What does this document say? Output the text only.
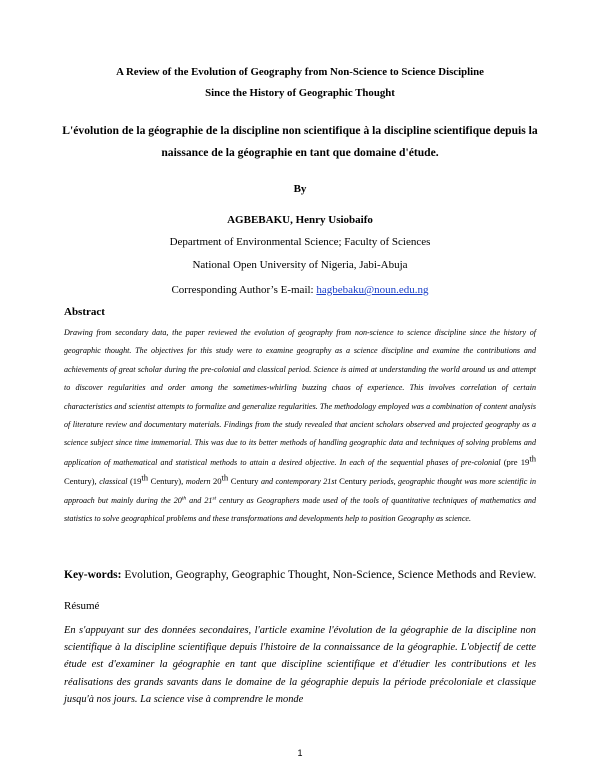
A Review of the Evolution of Geography from Non-Science to Science Discipline
Since the History of Geographic Thought
L'évolution de la géographie de la discipline non scientifique à la discipline scientifique depuis la
naissance de la géographie en tant que domaine d'étude.
By
AGBEBAKU, Henry Usiobaifo
Department of Environmental Science; Faculty of Sciences
National Open University of Nigeria, Jabi-Abuja
Corresponding Author’s E-mail: hagbebaku@noun.edu.ng
Abstract
Drawing from secondary data, the paper reviewed the evolution of geography from non-science to science discipline since the history of geographic thought. The objectives for this study were to examine geography as a science discipline and examine the contributions and achievements of great scholar during the pre-colonial and classical period. Science is aimed at understanding the world around us and attempt to discover regularities and order among the sometimes-whirling buzzing chaos of experience. This involves correlation of certain characteristics and scientist attempts to formalize and generalize regularities. The methodology employed was a combination of content analysis of literature review and documentary materials. Findings from the study revealed that ancient scholars observed and projected geography as a science subject since time immemorial. This was due to its better methods of handling geographic data and techniques of solving problems and application of mathematical and statistical methods to attain a desired objective. In each of the sequential phases of pre-colonial (pre 19th Century), classical (19th Century), modern 20th Century and contemporary 21st Century periods, geographic thought was more scientific in approach but mainly during the 20th and 21st century as Geographers made used of the tools of quantitative techniques of mathematics and statistics to solve geographical problems and these transformations and developments help to position Geography as science.
Key-words: Evolution, Geography, Geographic Thought, Non-Science, Science Methods and Review.
Résumé
En s'appuyant sur des données secondaires, l'article examine l'évolution de la géographie de la discipline non scientifique à la discipline scientifique depuis l'histoire de la connaissance de la géographie. L'objectif de cette étude est d'examiner la géographie en tant que discipline scientifique et d'étudier les contributions et les réalisations des grands savants dans le domaine de la géographie depuis la période précoloniale et classique jusqu'à nos jours. La science vise à comprendre le monde
1
